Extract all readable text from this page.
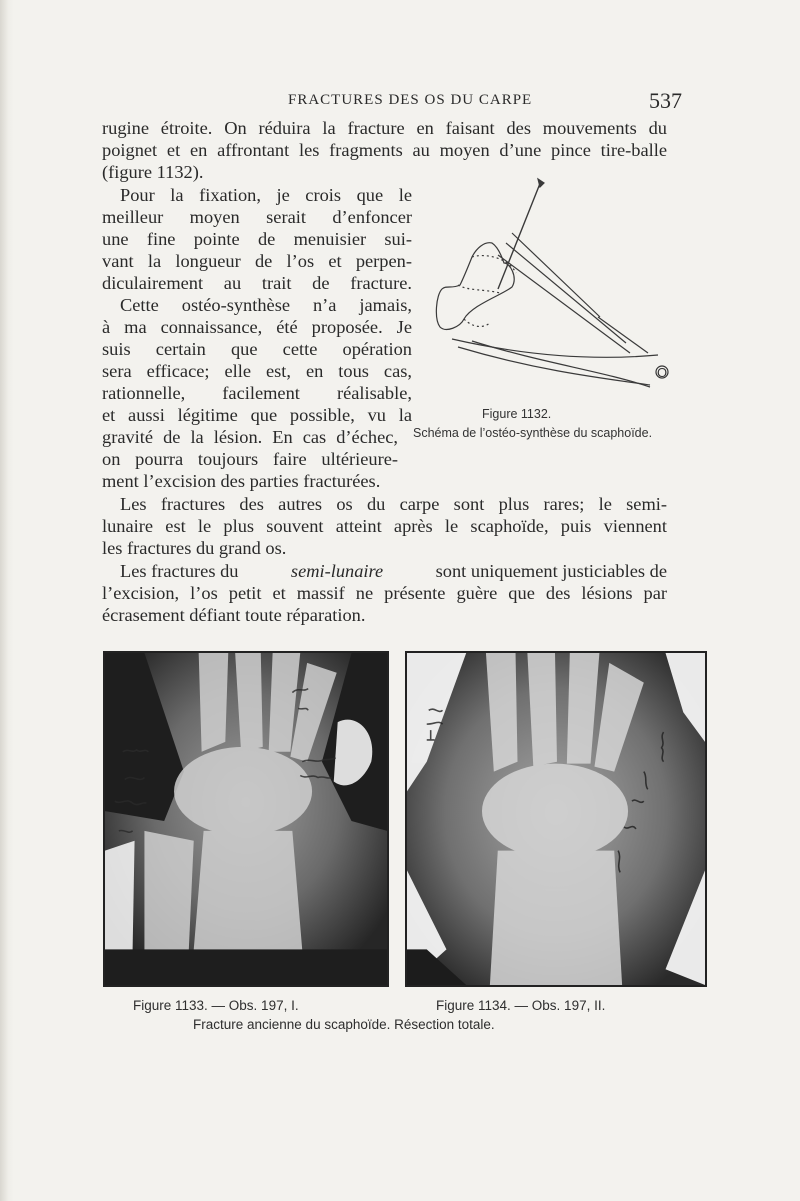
FRACTURES DES OS DU CARPE	537
rugine étroite. On réduira la fracture en faisant des mouvements du
poignet et en affrontant les fragments au moyen d’une pince tire-balle
(figure 1132).
Pour la fixation, je crois que le
meilleur moyen serait d’enfoncer
une fine pointe de menuisier sui-
vant la longueur de l’os et perpen-
diculairement au trait de fracture.
Cette ostéo-synthèse n’a jamais,
à ma connaissance, été proposée. Je
suis certain que cette opération
sera efficace; elle est, en tous cas,
rationnelle, facilement réalisable,
et aussi légitime que possible, vu la
gravité de la lésion. En cas d’échec,
on pourra toujours faire ultérieure-
ment l’excision des parties fracturées.
Les fractures des autres os du carpe sont plus rares; le semi-
lunaire est le plus souvent atteint après le scaphoïde, puis viennent
les fractures du grand os.
Les fractures du	semi-lunaire	sont uniquement justiciables de
l’excision, l’os petit et massif ne présente guère que des lésions par
écrasement défiant toute réparation.
Figure 1132.
Schéma de l’ostéo-synthèse du scaphoïde.
Figure 1133. — Obs. 197, I.	Figure 1134. — Obs. 197, II.
Fracture ancienne du scaphoïde. Résection totale.
O
